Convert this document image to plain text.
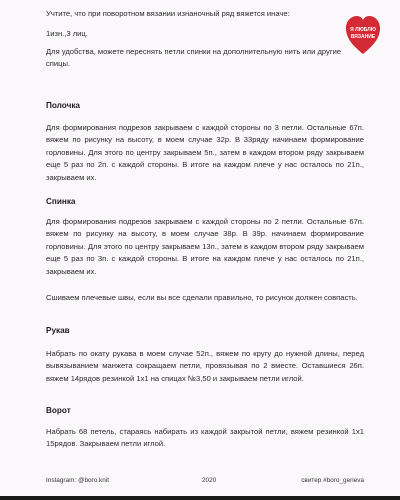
Учтите, что при поворотном вязании изнаночный ряд вяжется иначе:
1изн.,3 лиц.
Для удобства, можете переснять петли спинки на дополнительную нить или другие спицы.
Я ЛЮБЛЮ
ВЯЗАНИЕ
Полочка
Для формирования подрезов закрываем с каждой стороны по 3 петли. Остальные 67п. вяжем по рисунку на высоту, в моем случае 32р. В 33ряду начинаем формирование горловины. Для этого по центру закрываем 5п., затем в каждом втором ряду закрываем еще 5 раз по 2п. с каждой стороны. В итоге на каждом плече у нас осталось по 21п., закрываем их.
Спинка
Для формирования подрезов закрываем с каждой стороны по 2 петли. Остальные 67п. вяжем по рисунку на высоту, в моем случае 38р. В 39р. начинаем формирование горловины. Для этого по центру закрываем 13п., затем в каждом втором ряду закрываем еще 5 раз по 3п. с каждой стороны. В итоге на каждом плече у нас осталось по 21п., закрываем их.
Сшиваем плечевые швы, если вы все сделали правильно, то рисунок должен совпасть.
Рукав
Набрать по окату рукава в моем случае 52п., вяжем по кругу до нужной длины, перед вывязыванием манжета сокращаем петли, провязывая по 2 вместе. Оставшиеся 26п. вяжем 14рядов резинкой 1х1 на спицах №3,50 и закрываем петли иглой.
Ворот
Набрать 68 петель, стараясь набирать из каждой закрытой петли, вяжем резинкой 1х1 15рядов. Закрываем петли иглой.
Instagram: @boro.knit	2020	свитер #boro_geneva
